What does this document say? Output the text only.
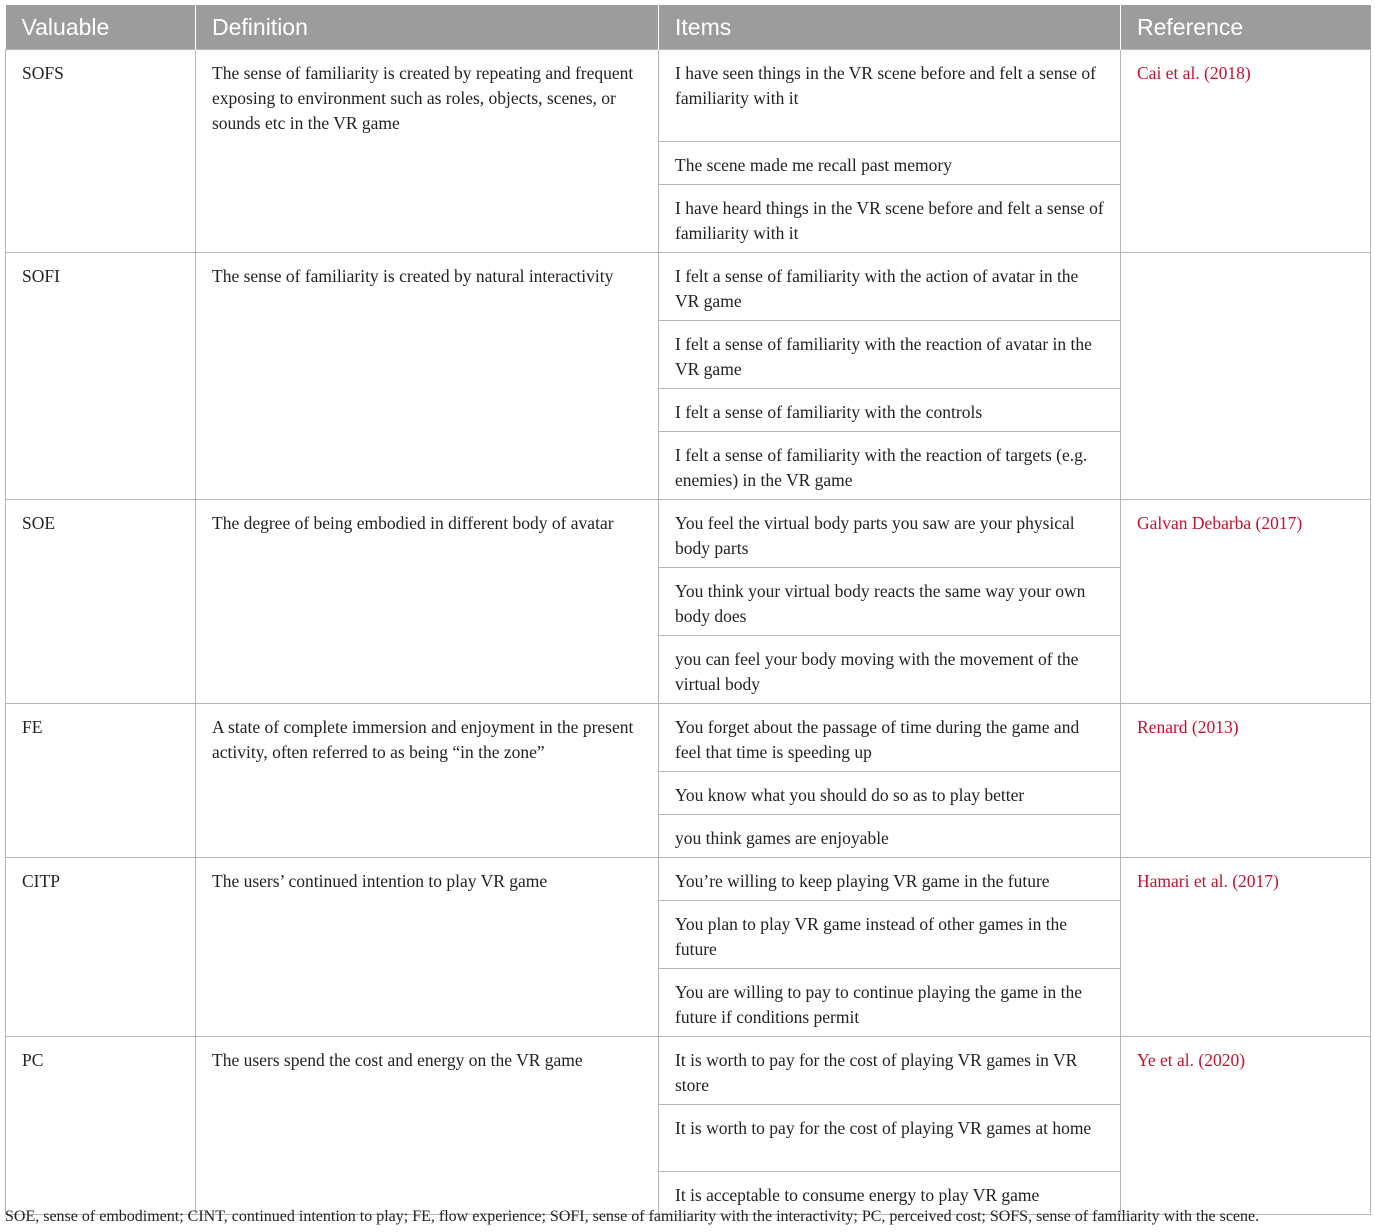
Valuable	Definition	Items	Reference
SOFS	The sense of familiarity is created by repeating and frequent exposing to environment such as roles, objects, scenes, or sounds etc in the VR game	I have seen things in the VR scene before and felt a sense of familiarity with it	Cai et al. (2018)
		The scene made me recall past memory	
		I have heard things in the VR scene before and felt a sense of familiarity with it	
SOFI	The sense of familiarity is created by natural interactivity	I felt a sense of familiarity with the action of avatar in the VR game	
		I felt a sense of familiarity with the reaction of avatar in the VR game	
		I felt a sense of familiarity with the controls	
		I felt a sense of familiarity with the reaction of targets (e.g. enemies) in the VR game	
SOE	The degree of being embodied in different body of avatar	You feel the virtual body parts you saw are your physical body parts	Galvan Debarba (2017)
		You think your virtual body reacts the same way your own body does	
		you can feel your body moving with the movement of the virtual body	
FE	A state of complete immersion and enjoyment in the present activity, often referred to as being “in the zone”	You forget about the passage of time during the game and feel that time is speeding up	Renard (2013)
		You know what you should do so as to play better	
		you think games are enjoyable	
CITP	The users’ continued intention to play VR game	You’re willing to keep playing VR game in the future	Hamari et al. (2017)
		You plan to play VR game instead of other games in the future	
		You are willing to pay to continue playing the game in the future if conditions permit	
PC	The users spend the cost and energy on the VR game	It is worth to pay for the cost of playing VR games in VR store	Ye et al. (2020)
		It is worth to pay for the cost of playing VR games at home	
		It is acceptable to consume energy to play VR game	
SOE, sense of embodiment; CINT, continued intention to play; FE, flow experience; SOFI, sense of familiarity with the interactivity; PC, perceived cost; SOFS, sense of familiarity with the scene.
